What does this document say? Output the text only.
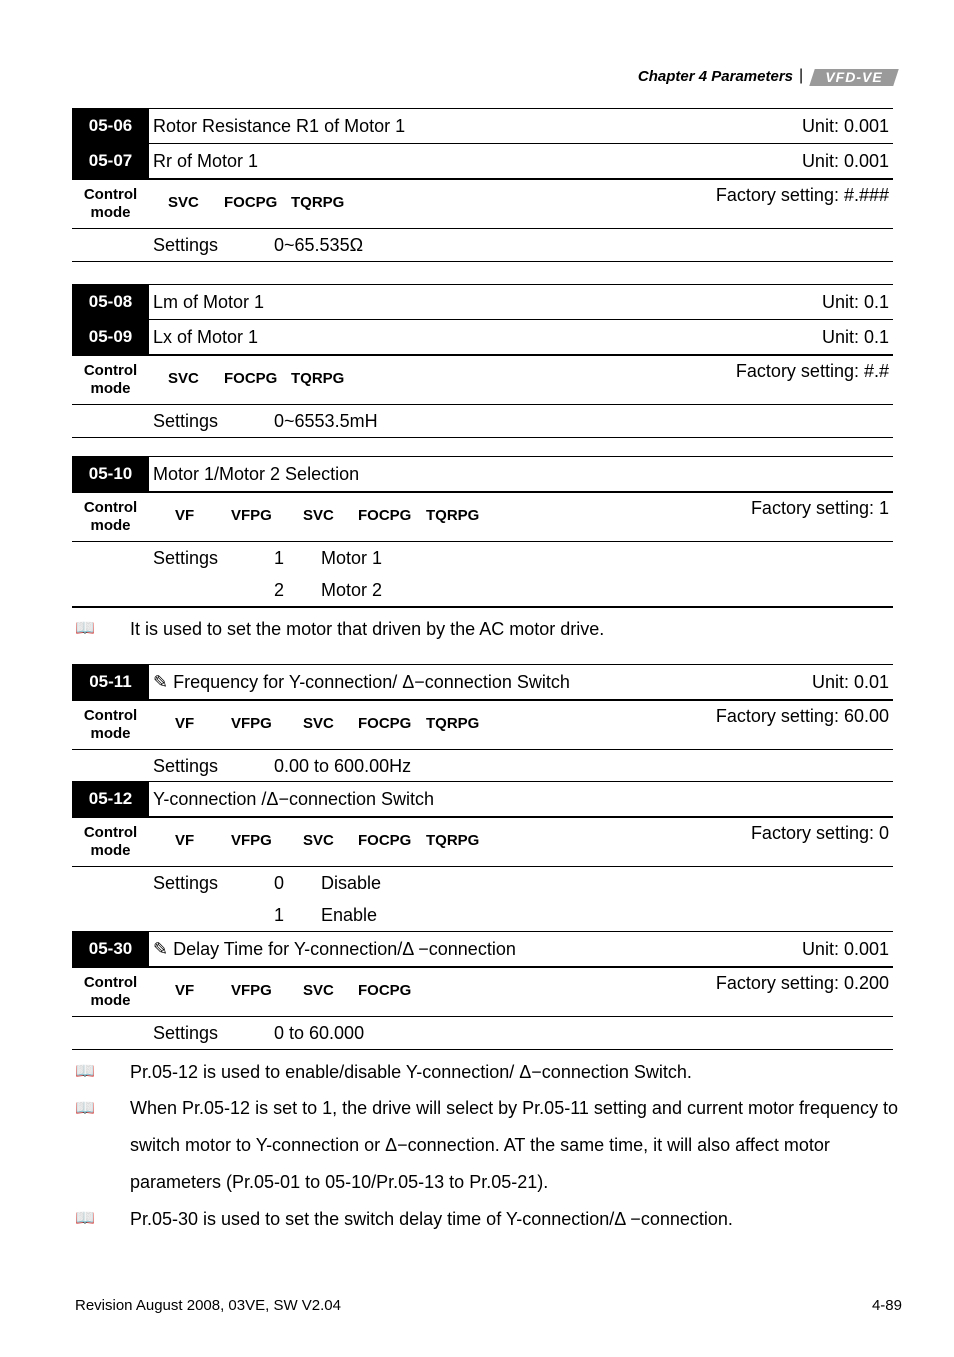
Chapter 4 Parameters |	VFD-VE
05-06	Rotor Resistance R1 of Motor 1	Unit: 0.001
05-07	Rr of Motor 1	Unit: 0.001
Control
mode
SVC FOCPG TQRPG	Factory setting: #.###
Settings	0~65.535Ω
05-08	Lm of Motor 1	Unit: 0.1
05-09	Lx of Motor 1	Unit: 0.1
Control
mode
SVC FOCPG TQRPG	Factory setting: #.#
Settings	0~6553.5mH
05-10	Motor 1/Motor 2 Selection
Control
mode
VF VFPG SVC FOCPG TQRPG	Factory setting: 1
Settings	1 Motor 1
2 Motor 2
📖 It is used to set the motor that driven by the AC motor drive.
05-11	✎ Frequency for Y-connection/ Δ−connection Switch	Unit: 0.01
Control
mode
VF VFPG SVC FOCPG TQRPG	Factory setting: 60.00
Settings	0.00 to 600.00Hz
05-12	Y-connection /Δ−connection Switch
Control
mode
VF VFPG SVC FOCPG TQRPG	Factory setting: 0
Settings	0 Disable
1 Enable
05-30	✎ Delay Time for Y-connection/Δ −connection	Unit: 0.001
Control
mode
VF VFPG SVC FOCPG	Factory setting: 0.200
Settings	0 to 60.000
📖 Pr.05-12 is used to enable/disable Y-connection/ Δ−connection Switch.
📖 When Pr.05-12 is set to 1, the drive will select by Pr.05-11 setting and current motor frequency to switch motor to Y-connection or Δ−connection. AT the same time, it will also affect motor parameters (Pr.05-01 to 05-10/Pr.05-13 to Pr.05-21).
📖 Pr.05-30 is used to set the switch delay time of Y-connection/Δ −connection.
Revision August 2008, 03VE, SW V2.04	4-89
